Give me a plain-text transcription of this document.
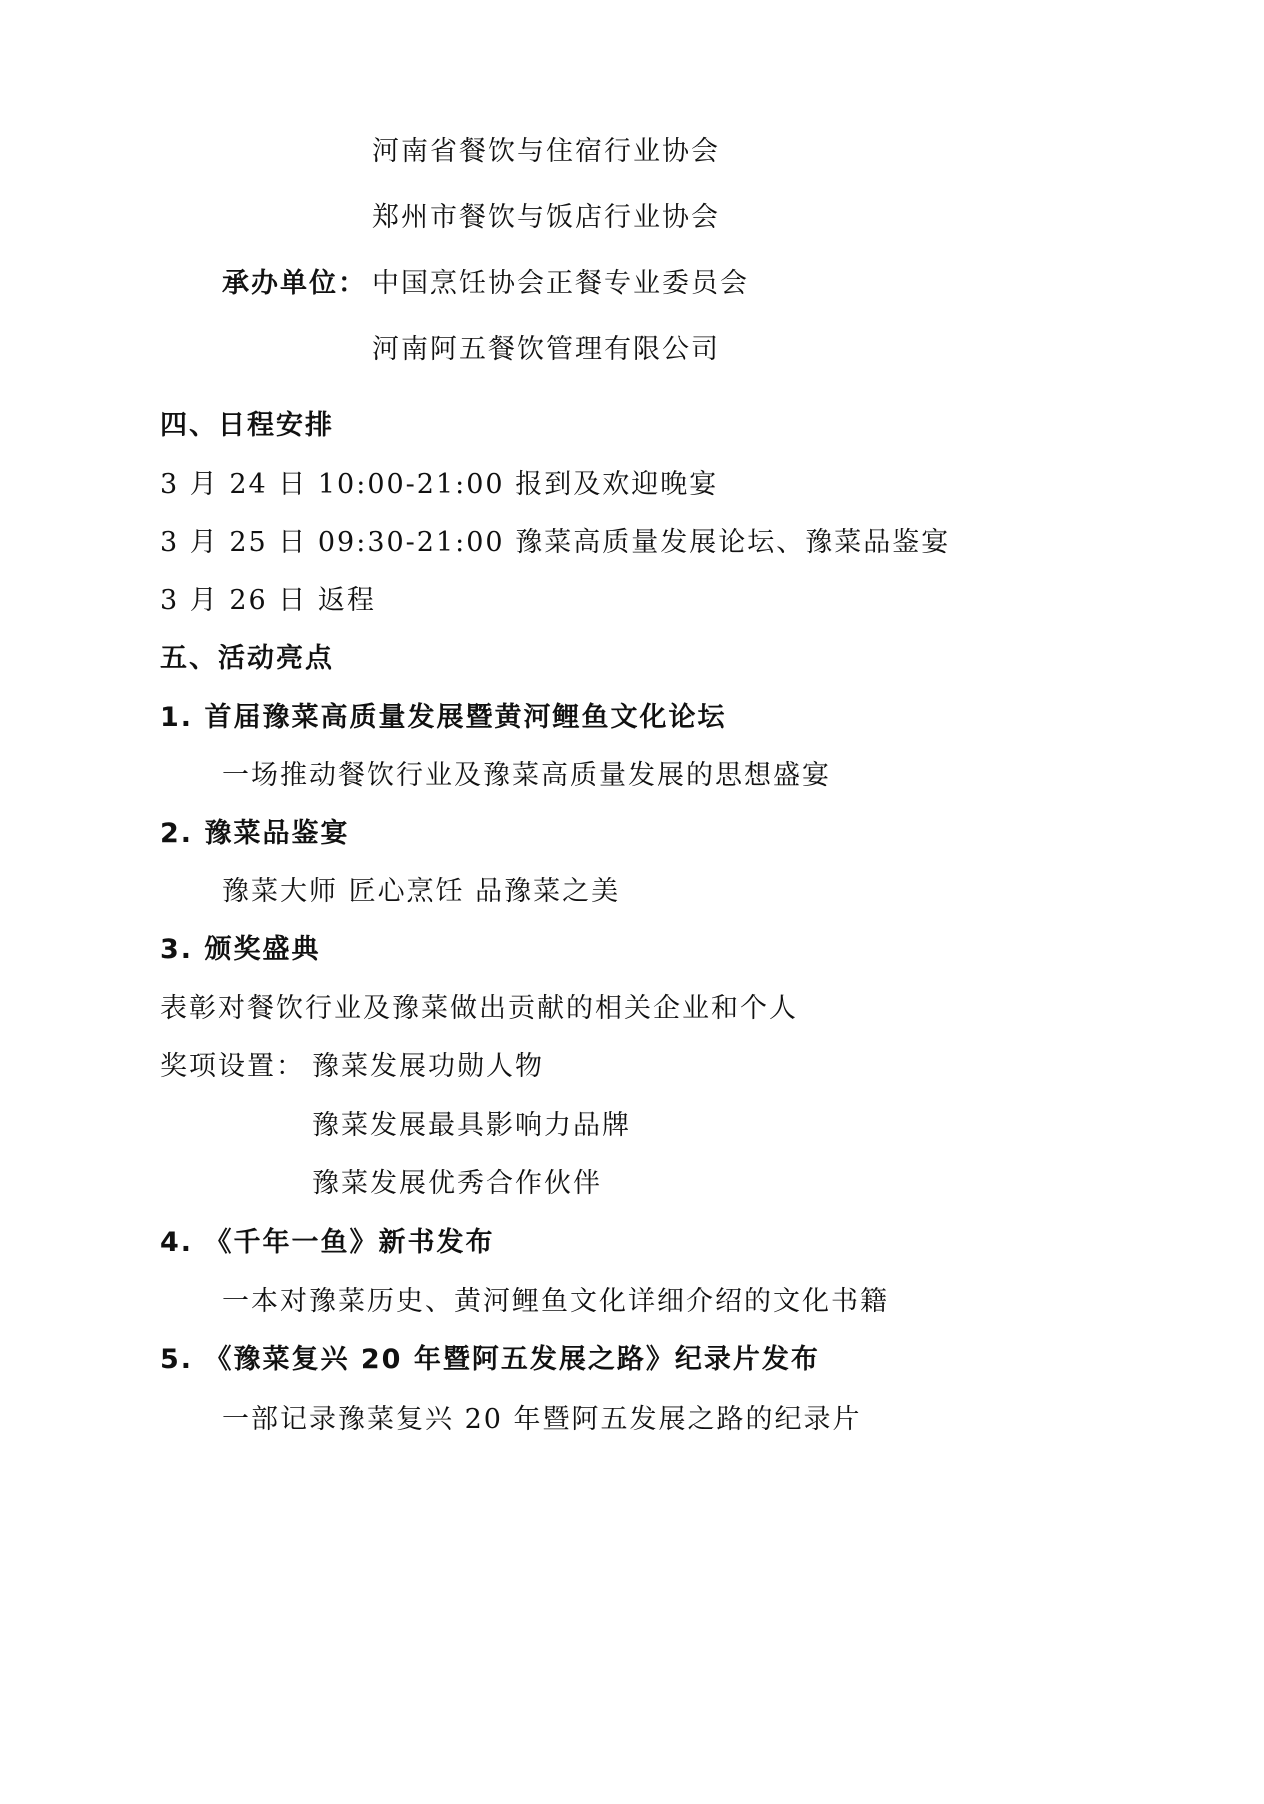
河南省餐饮与住宿行业协会
郑州市餐饮与饭店行业协会
承办单位： 中国烹饪协会正餐专业委员会
河南阿五餐饮管理有限公司
四、日程安排
3 月 24 日 10:00-21:00 报到及欢迎晚宴
3 月 25 日 09:30-21:00 豫菜高质量发展论坛、豫菜品鉴宴
3 月 26 日 返程
五、活动亮点
1. 首届豫菜高质量发展暨黄河鲤鱼文化论坛
一场推动餐饮行业及豫菜高质量发展的思想盛宴
2. 豫菜品鉴宴
豫菜大师 匠心烹饪 品豫菜之美
3. 颁奖盛典
表彰对餐饮行业及豫菜做出贡献的相关企业和个人
奖项设置： 豫菜发展功勋人物
豫菜发展最具影响力品牌
豫菜发展优秀合作伙伴
4. 《千年一鱼》新书发布
一本对豫菜历史、黄河鲤鱼文化详细介绍的文化书籍
5. 《豫菜复兴 20 年暨阿五发展之路》纪录片发布
一部记录豫菜复兴 20 年暨阿五发展之路的纪录片
